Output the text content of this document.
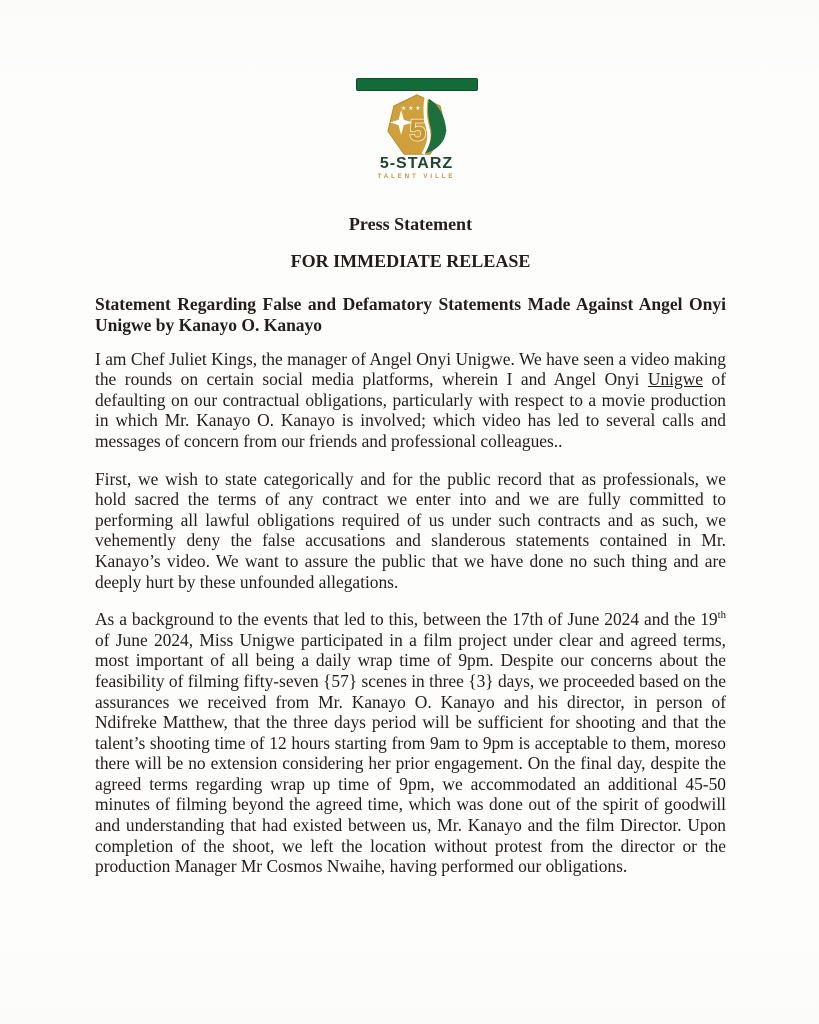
★ ★ ★ ★
5
5-STARZ
TALENT VILLE
Press Statement
FOR IMMEDIATE RELEASE
Statement Regarding False and Defamatory Statements Made Against Angel Onyi Unigwe by Kanayo O. Kanayo

I am Chef Juliet Kings, the manager of Angel Onyi Unigwe. We have seen a video making the rounds on certain social media platforms, wherein I and Angel Onyi Unigwe of defaulting on our contractual obligations, particularly with respect to a movie production in which Mr. Kanayo O. Kanayo is involved; which video has led to several calls and messages of concern from our friends and professional colleagues..

First, we wish to state categorically and for the public record that as professionals, we hold sacred the terms of any contract we enter into and we are fully committed to performing all lawful obligations required of us under such contracts and as such, we vehemently deny the false accusations and slanderous statements contained in Mr. Kanayo’s video. We want to assure the public that we have done no such thing and are deeply hurt by these unfounded allegations.

As a background to the events that led to this, between the 17th of June 2024 and the 19th of June 2024, Miss Unigwe participated in a film project under clear and agreed terms, most important of all being a daily wrap time of 9pm. Despite our concerns about the feasibility of filming fifty-seven {57} scenes in three {3} days, we proceeded based on the assurances we received from Mr. Kanayo O. Kanayo and his director, in person of Ndifreke Matthew, that the three days period will be sufficient for shooting and that the talent’s shooting time of 12 hours starting from 9am to 9pm is acceptable to them, moreso there will be no extension considering her prior engagement. On the final day, despite the agreed terms regarding wrap up time of 9pm, we accommodated an additional 45-50 minutes of filming beyond the agreed time, which was done out of the spirit of goodwill and understanding that had existed between us, Mr. Kanayo and the film Director. Upon completion of the shoot, we left the location without protest from the director or the production Manager Mr Cosmos Nwaihe, having performed our obligations.
